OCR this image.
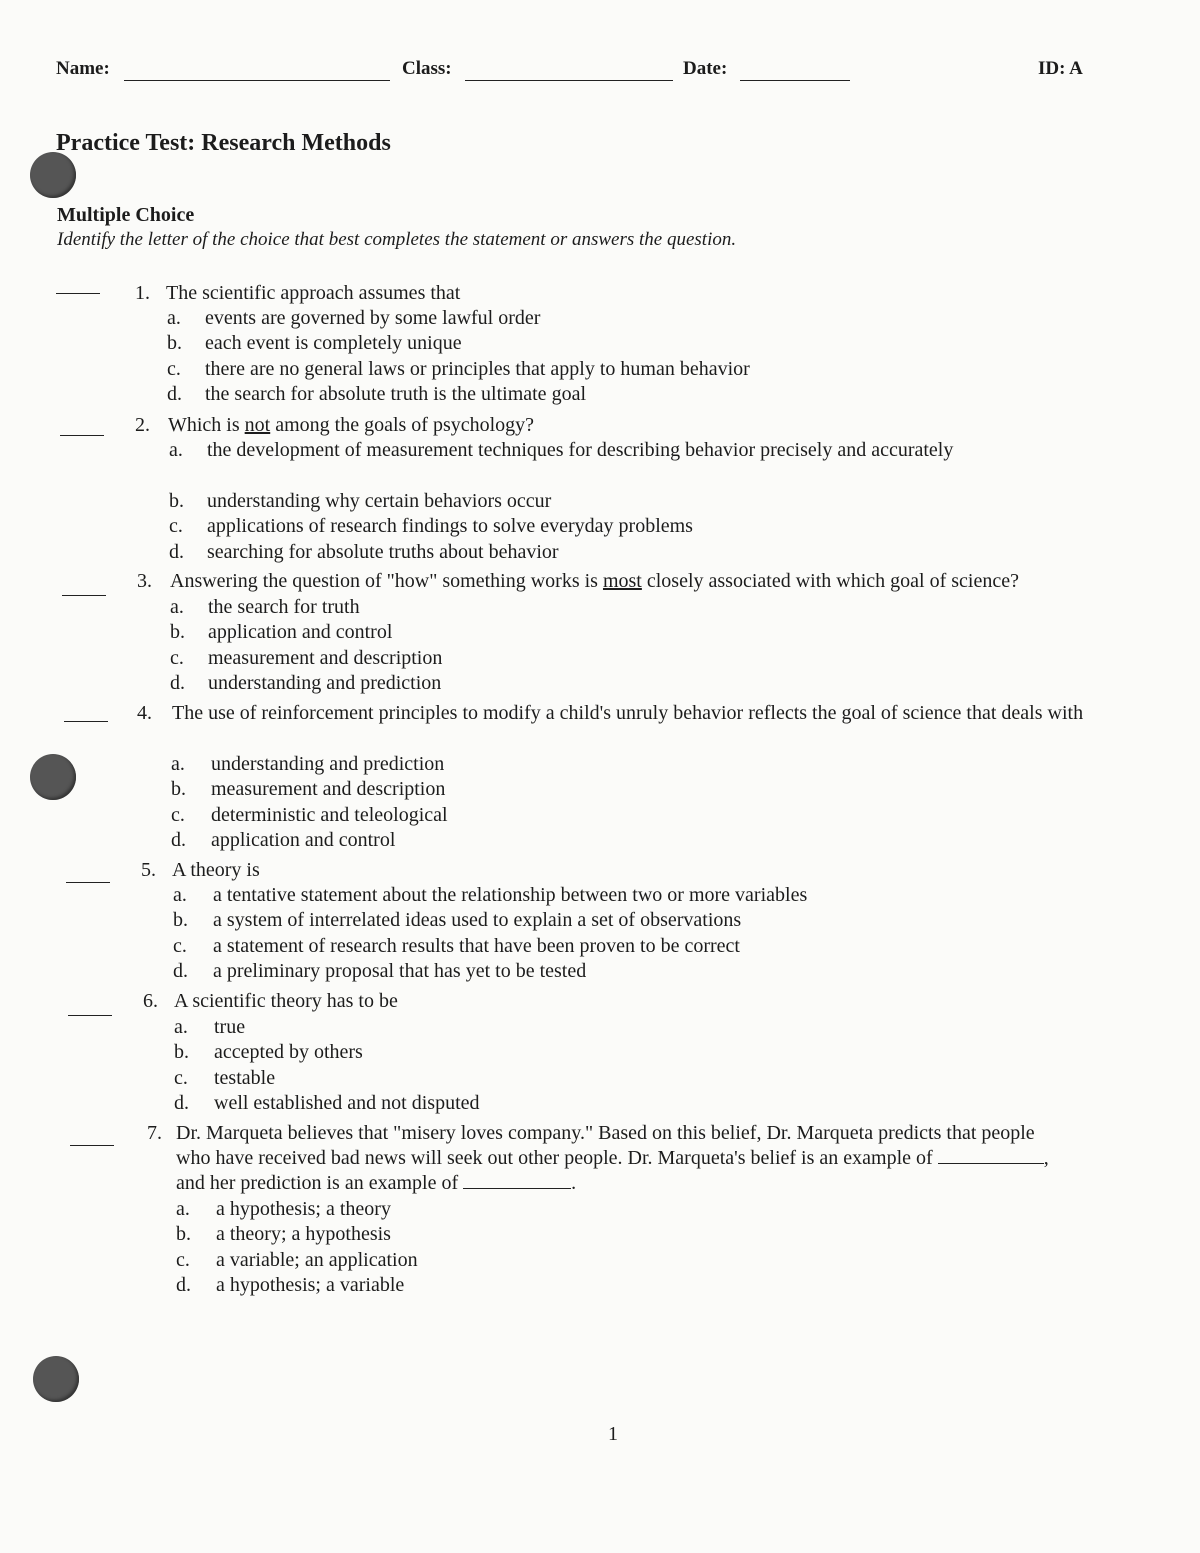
Name:	Class:	Date:	ID: A
Practice Test: Research Methods
Multiple Choice
Identify the letter of the choice that best completes the statement or answers the question.
1. The scientific approach assumes that
a.	events are governed by some lawful order
b.	each event is completely unique
c.	there are no general laws or principles that apply to human behavior
d.	the search for absolute truth is the ultimate goal
2. Which is not among the goals of psychology?
a.	the development of measurement techniques for describing behavior precisely and accurately
b.	understanding why certain behaviors occur
c.	applications of research findings to solve everyday problems
d.	searching for absolute truths about behavior
3. Answering the question of "how" something works is most closely associated with which goal of science?
a.	the search for truth
b.	application and control
c.	measurement and description
d.	understanding and prediction
4. The use of reinforcement principles to modify a child's unruly behavior reflects the goal of science that deals with
a.	understanding and prediction
b.	measurement and description
c.	deterministic and teleological
d.	application and control
5. A theory is
a.	a tentative statement about the relationship between two or more variables
b.	a system of interrelated ideas used to explain a set of observations
c.	a statement of research results that have been proven to be correct
d.	a preliminary proposal that has yet to be tested
6. A scientific theory has to be
a.	true
b.	accepted by others
c.	testable
d.	well established and not disputed
7. Dr. Marqueta believes that "misery loves company." Based on this belief, Dr. Marqueta predicts that people
who have received bad news will seek out other people. Dr. Marqueta's belief is an example of	,
and her prediction is an example of	.
a.	a hypothesis; a theory
b.	a theory; a hypothesis
c.	a variable; an application
d.	a hypothesis; a variable
1
